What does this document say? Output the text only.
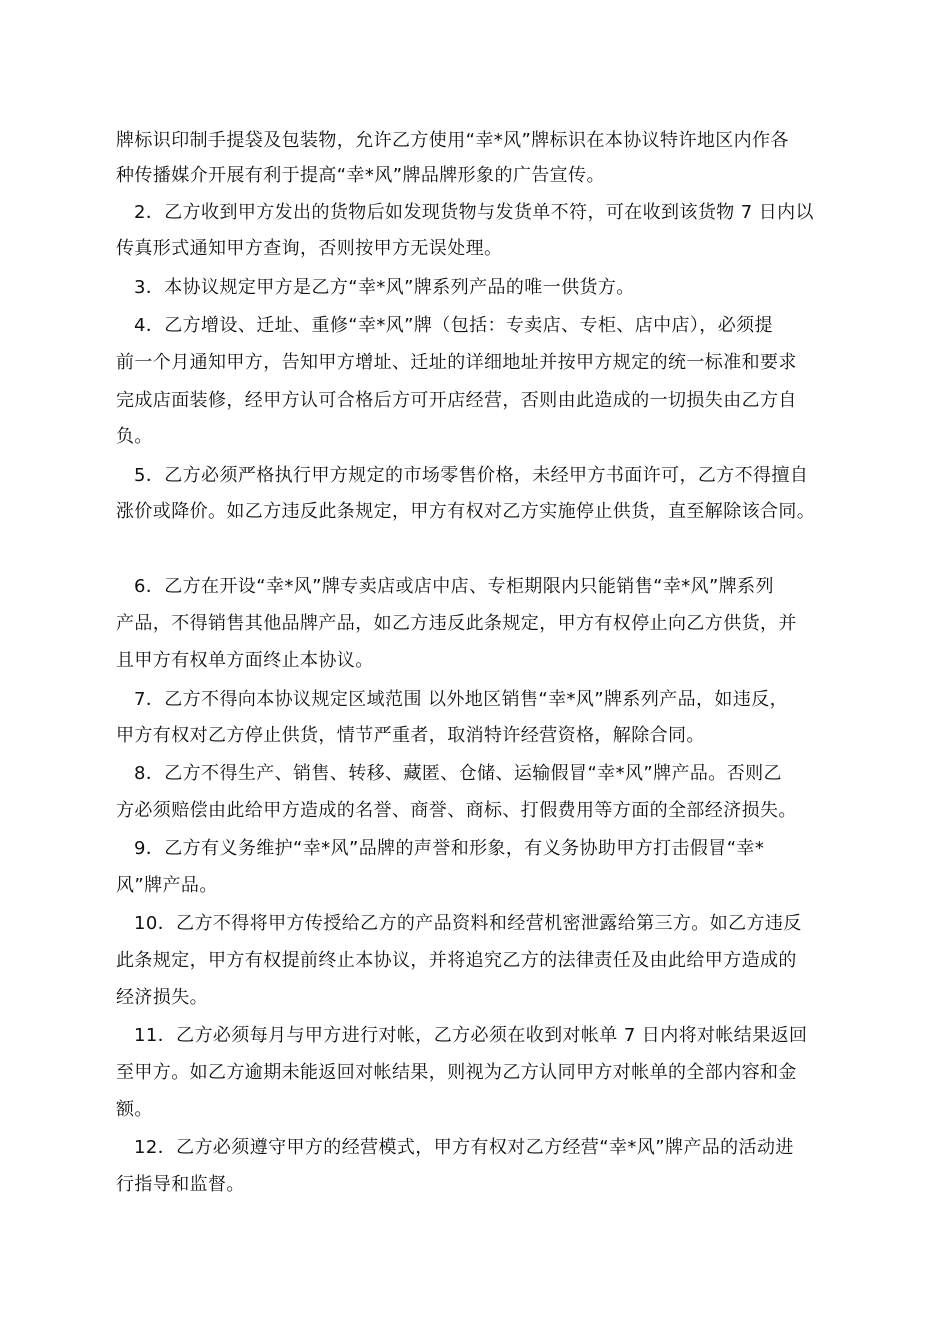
牌标识印制手提袋及包装物，允许乙方使用“幸*风”牌标识在本协议特许地区内作各
种传播媒介开展有利于提高“幸*风”牌品牌形象的广告宣传。
2．乙方收到甲方发出的货物后如发现货物与发货单不符，可在收到该货物 7 日内以
传真形式通知甲方查询，否则按甲方无误处理。
3．本协议规定甲方是乙方“幸*风”牌系列产品的唯一供货方。
4．乙方增设、迁址、重修“幸*风”牌（包括：专卖店、专柜、店中店），必须提
前一个月通知甲方，告知甲方增址、迁址的详细地址并按甲方规定的统一标准和要求
完成店面装修，经甲方认可合格后方可开店经营，否则由此造成的一切损失由乙方自
负。
5．乙方必须严格执行甲方规定的市场零售价格，未经甲方书面许可，乙方不得擅自
涨价或降价。如乙方违反此条规定，甲方有权对乙方实施停止供货，直至解除该合同。
6．乙方在开设“幸*风”牌专卖店或店中店、专柜期限内只能销售“幸*风”牌系列
产品，不得销售其他品牌产品，如乙方违反此条规定，甲方有权停止向乙方供货，并
且甲方有权单方面终止本协议。
7．乙方不得向本协议规定区域范围 以外地区销售“幸*风”牌系列产品，如违反，
甲方有权对乙方停止供货，情节严重者，取消特许经营资格，解除合同。
8．乙方不得生产、销售、转移、藏匿、仓储、运输假冒“幸*风”牌产品。否则乙
方必须赔偿由此给甲方造成的名誉、商誉、商标、打假费用等方面的全部经济损失。
9．乙方有义务维护“幸*风”品牌的声誉和形象，有义务协助甲方打击假冒“幸*
风”牌产品。
10．乙方不得将甲方传授给乙方的产品资料和经营机密泄露给第三方。如乙方违反
此条规定，甲方有权提前终止本协议，并将追究乙方的法律责任及由此给甲方造成的
经济损失。
11．乙方必须每月与甲方进行对帐，乙方必须在收到对帐单 7 日内将对帐结果返回
至甲方。如乙方逾期未能返回对帐结果，则视为乙方认同甲方对帐单的全部内容和金
额。
12．乙方必须遵守甲方的经营模式，甲方有权对乙方经营“幸*风”牌产品的活动进
行指导和监督。
